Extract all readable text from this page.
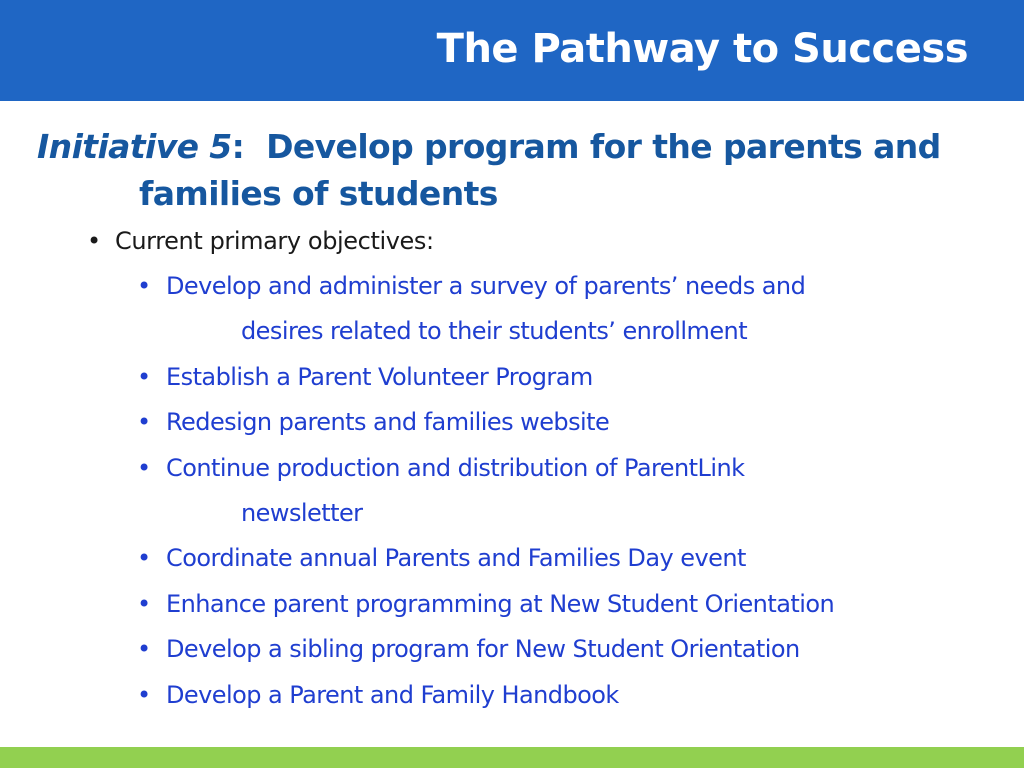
The Pathway to Success
Initiative 5: Develop program for the parents and
families of students
• Current primary objectives:
• Develop and administer a survey of parents’ needs and
desires related to their students’ enrollment
• Establish a Parent Volunteer Program
• Redesign parents and families website
• Continue production and distribution of ParentLink
newsletter
• Coordinate annual Parents and Families Day event
• Enhance parent programming at New Student Orientation
• Develop a sibling program for New Student Orientation
• Develop a Parent and Family Handbook
